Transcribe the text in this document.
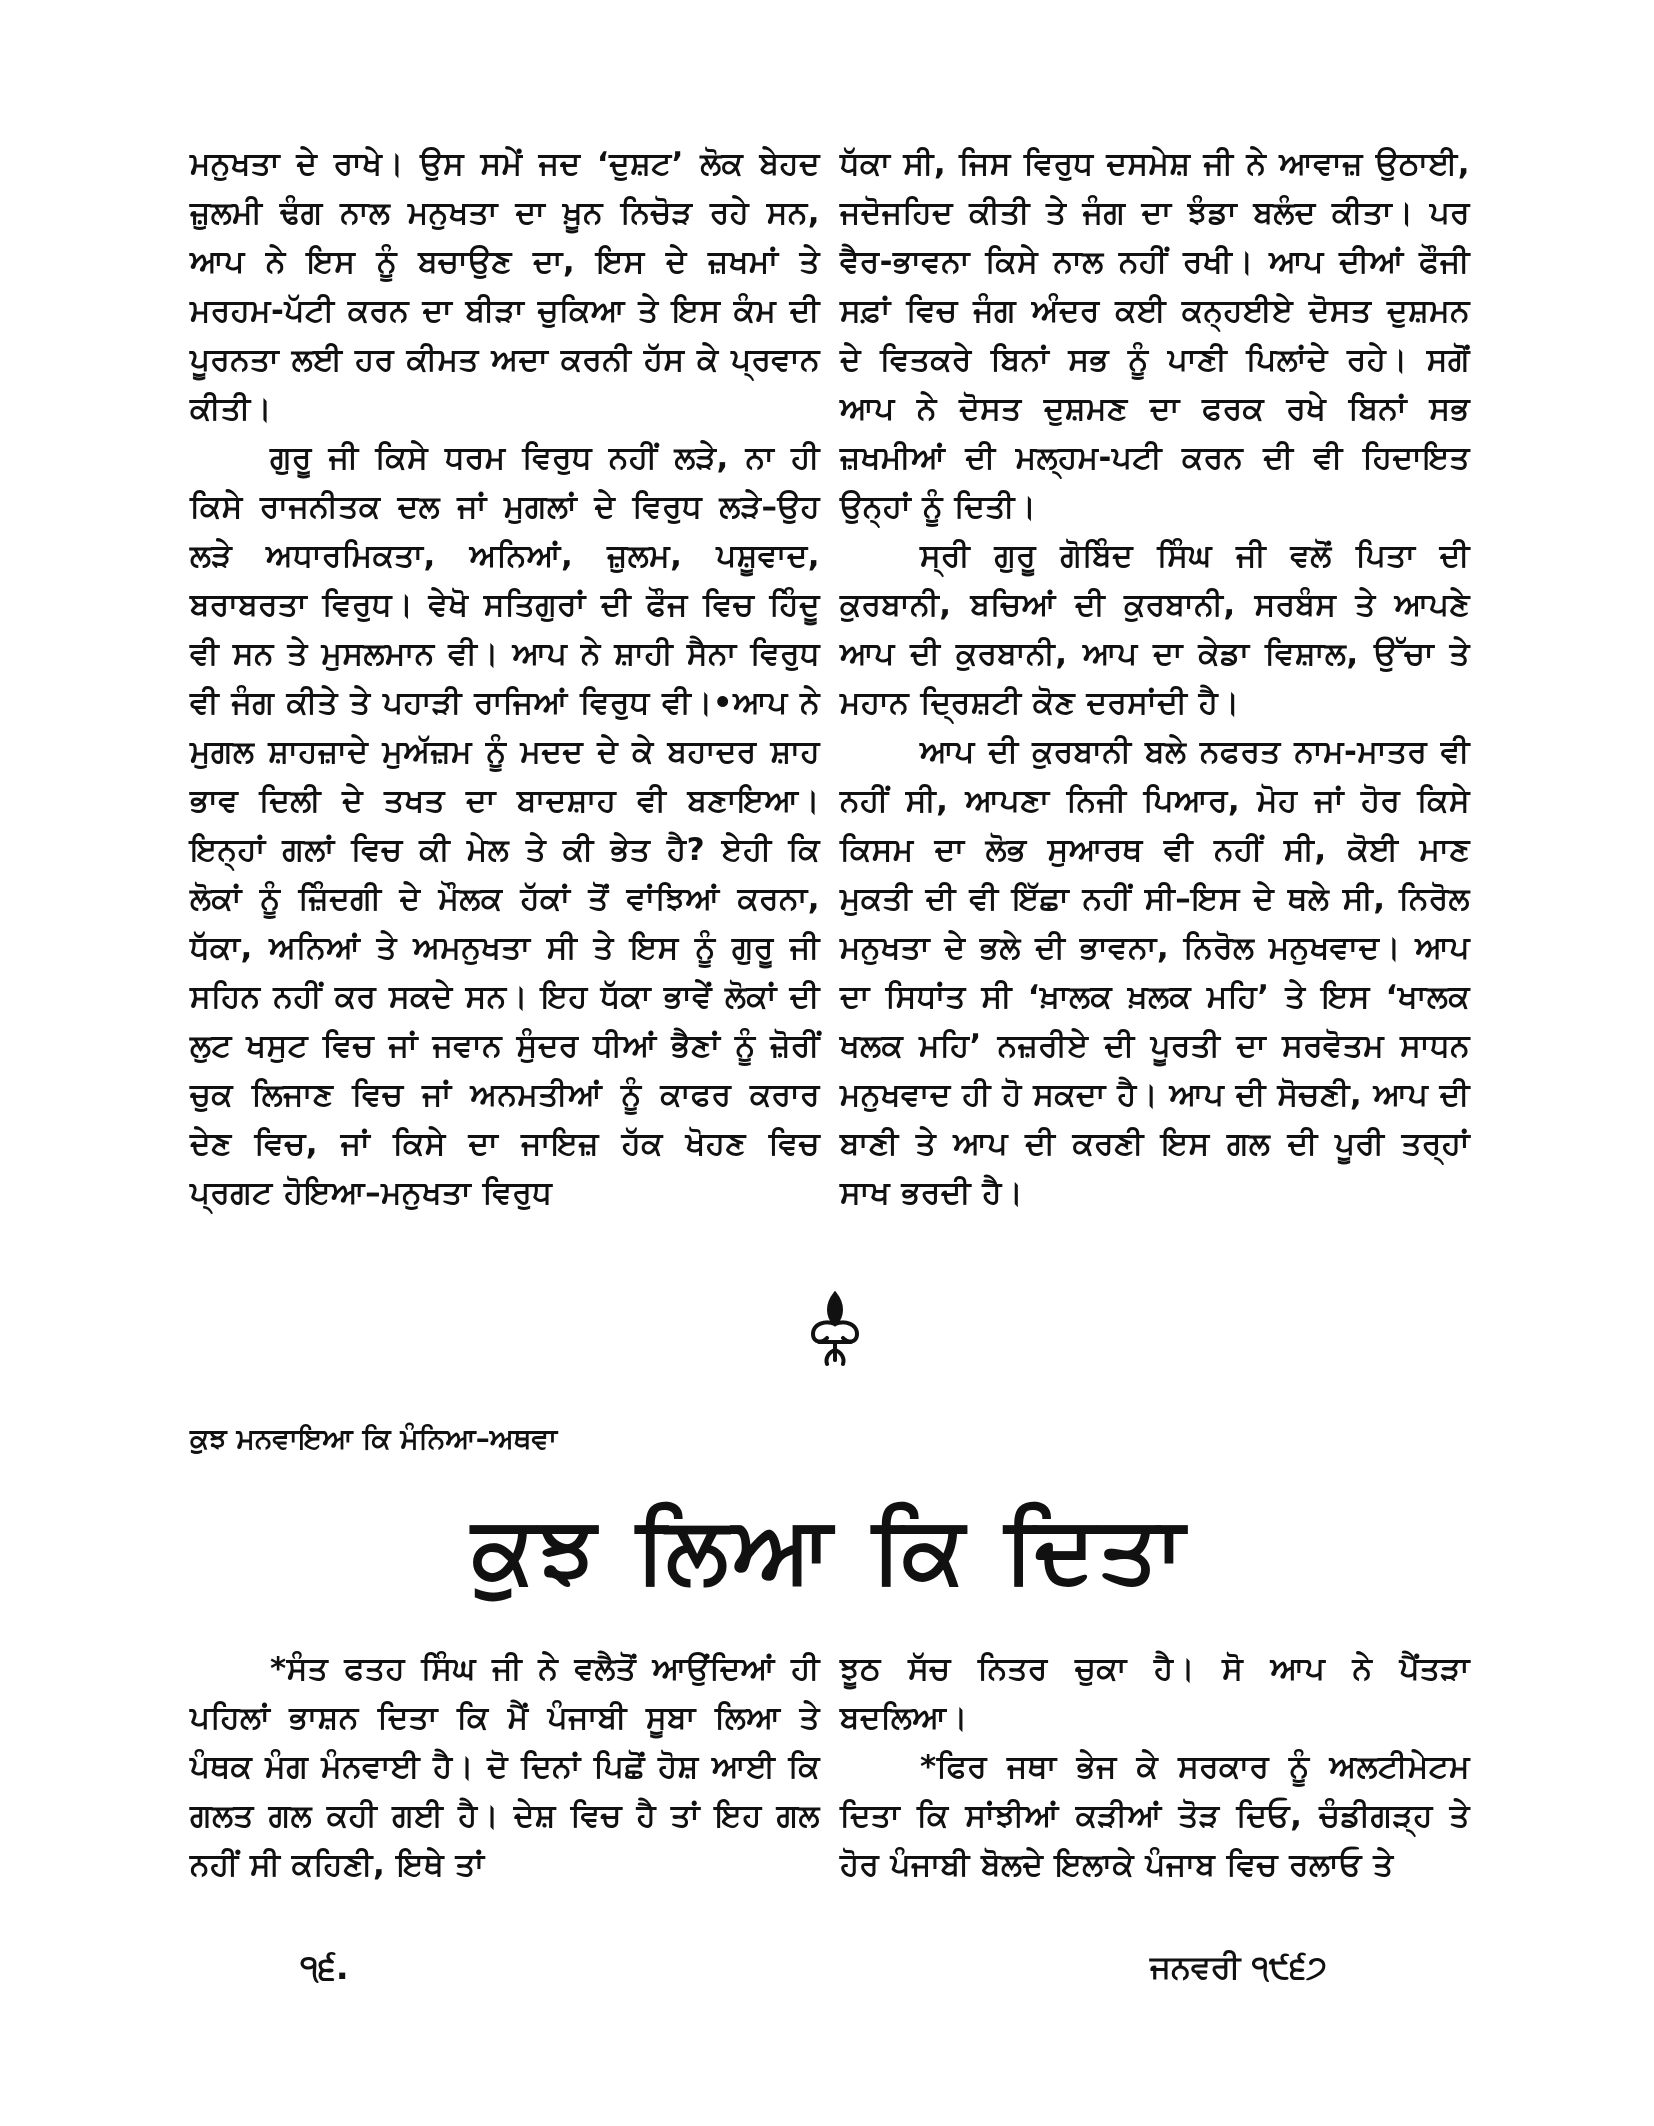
ਮਨੁਖਤਾ ਦੇ ਰਾਖੇ। ਉਸ ਸਮੇਂ ਜਦ ‘ਦੁਸ਼ਟ’ ਲੋਕ ਬੇਹਦ ਜ਼ੁਲਮੀ ਢੰਗ ਨਾਲ ਮਨੁਖਤਾ ਦਾ ਖ਼ੂਨ ਨਿਚੋੜ ਰਹੇ ਸਨ, ਆਪ ਨੇ ਇਸ ਨੂੰ ਬਚਾਉਣ ਦਾ, ਇਸ ਦੇ ਜ਼ਖਮਾਂ ਤੇ ਮਰਹਮ-ਪੱਟੀ ਕਰਨ ਦਾ ਬੀੜਾ ਚੁਕਿਆ ਤੇ ਇਸ ਕੰਮ ਦੀ ਪੂਰਨਤਾ ਲਈ ਹਰ ਕੀਮਤ ਅਦਾ ਕਰਨੀ ਹੱਸ ਕੇ ਪ੍ਰਵਾਨ ਕੀਤੀ।

ਗੁਰੂ ਜੀ ਕਿਸੇ ਧਰਮ ਵਿਰੁਧ ਨਹੀਂ ਲੜੇ, ਨਾ ਹੀ ਕਿਸੇ ਰਾਜਨੀਤਕ ਦਲ ਜਾਂ ਮੁਗਲਾਂ ਦੇ ਵਿਰੁਧ ਲੜੇ–ਉਹ ਲੜੇ ਅਧਾਰਮਿਕਤਾ, ਅਨਿਆਂ, ਜ਼ੁਲਮ, ਪਸ਼ੂਵਾਦ, ਬਰਾਬਰਤਾ ਵਿਰੁਧ। ਵੇਖੋ ਸਤਿਗੁਰਾਂ ਦੀ ਫੌਜ ਵਿਚ ਹਿੰਦੂ ਵੀ ਸਨ ਤੇ ਮੁਸਲਮਾਨ ਵੀ। ਆਪ ਨੇ ਸ਼ਾਹੀ ਸੈਨਾ ਵਿਰੁਧ ਵੀ ਜੰਗ ਕੀਤੇ ਤੇ ਪਹਾੜੀ ਰਾਜਿਆਂ ਵਿਰੁਧ ਵੀ।•ਆਪ ਨੇ ਮੁਗਲ ਸ਼ਾਹਜ਼ਾਦੇ ਮੁਅੱਜ਼ਮ ਨੂੰ ਮਦਦ ਦੇ ਕੇ ਬਹਾਦਰ ਸ਼ਾਹ ਭਾਵ ਦਿਲੀ ਦੇ ਤਖਤ ਦਾ ਬਾਦਸ਼ਾਹ ਵੀ ਬਣਾਇਆ। ਇਨ੍ਹਾਂ ਗਲਾਂ ਵਿਚ ਕੀ ਮੇਲ ਤੇ ਕੀ ਭੇਤ ਹੈ? ਏਹੀ ਕਿ ਲੋਕਾਂ ਨੂੰ ਜ਼ਿੰਦਗੀ ਦੇ ਮੌਲਕ ਹੱਕਾਂ ਤੋਂ ਵਾਂਝਿਆਂ ਕਰਨਾ, ਧੱਕਾ, ਅਨਿਆਂ ਤੇ ਅਮਨੁਖਤਾ ਸੀ ਤੇ ਇਸ ਨੂੰ ਗੁਰੂ ਜੀ ਸਹਿਨ ਨਹੀਂ ਕਰ ਸਕਦੇ ਸਨ। ਇਹ ਧੱਕਾ ਭਾਵੇਂ ਲੋਕਾਂ ਦੀ ਲੁਟ ਖਸੁਟ ਵਿਚ ਜਾਂ ਜਵਾਨ ਸੁੰਦਰ ਧੀਆਂ ਭੈਣਾਂ ਨੂੰ ਜ਼ੋਰੀਂ ਚੁਕ ਲਿਜਾਣ ਵਿਚ ਜਾਂ ਅਨਮਤੀਆਂ ਨੂੰ ਕਾਫਰ ਕਰਾਰ ਦੇਣ ਵਿਚ, ਜਾਂ ਕਿਸੇ ਦਾ ਜਾਇਜ਼ ਹੱਕ ਖੋਹਣ ਵਿਚ ਪ੍ਰਗਟ ਹੋਇਆ–ਮਨੁਖਤਾ ਵਿਰੁਧ

ਧੱਕਾ ਸੀ, ਜਿਸ ਵਿਰੁਧ ਦਸਮੇਸ਼ ਜੀ ਨੇ ਆਵਾਜ਼ ਉਠਾਈ, ਜਦੋਜਹਿਦ ਕੀਤੀ ਤੇ ਜੰਗ ਦਾ ਝੰਡਾ ਬਲੰਦ ਕੀਤਾ। ਪਰ ਵੈਰ-ਭਾਵਨਾ ਕਿਸੇ ਨਾਲ ਨਹੀਂ ਰਖੀ। ਆਪ ਦੀਆਂ ਫੌਜੀ ਸਫ਼ਾਂ ਵਿਚ ਜੰਗ ਅੰਦਰ ਕਈ ਕਨ੍ਹਈਏ ਦੋਸਤ ਦੁਸ਼ਮਨ ਦੇ ਵਿਤਕਰੇ ਬਿਨਾਂ ਸਭ ਨੂੰ ਪਾਣੀ ਪਿਲਾਂਦੇ ਰਹੇ। ਸਗੋਂ ਆਪ ਨੇ ਦੋਸਤ ਦੁਸ਼ਮਣ ਦਾ ਫਰਕ ਰਖੇ ਬਿਨਾਂ ਸਭ ਜ਼ਖਮੀਆਂ ਦੀ ਮਲ੍ਹਮ-ਪਟੀ ਕਰਨ ਦੀ ਵੀ ਹਿਦਾਇਤ ਉਨ੍ਹਾਂ ਨੂੰ ਦਿਤੀ।

ਸ੍ਰੀ ਗੁਰੂ ਗੋਬਿੰਦ ਸਿੰਘ ਜੀ ਵਲੋਂ ਪਿਤਾ ਦੀ ਕੁਰਬਾਨੀ, ਬਚਿਆਂ ਦੀ ਕੁਰਬਾਨੀ, ਸਰਬੰਸ ਤੇ ਆਪਣੇ ਆਪ ਦੀ ਕੁਰਬਾਨੀ, ਆਪ ਦਾ ਕੇਡਾ ਵਿਸ਼ਾਲ, ਉੱਚਾ ਤੇ ਮਹਾਨ ਦ੍ਰਿਸ਼ਟੀ ਕੋਣ ਦਰਸਾਂਦੀ ਹੈ।

ਆਪ ਦੀ ਕੁਰਬਾਨੀ ਬਲੇ ਨਫਰਤ ਨਾਮ-ਮਾਤਰ ਵੀ ਨਹੀਂ ਸੀ, ਆਪਣਾ ਨਿਜੀ ਪਿਆਰ, ਮੋਹ ਜਾਂ ਹੋਰ ਕਿਸੇ ਕਿਸਮ ਦਾ ਲੋਭ ਸੁਆਰਥ ਵੀ ਨਹੀਂ ਸੀ, ਕੋਈ ਮਾਣ ਮੁਕਤੀ ਦੀ ਵੀ ਇੱਛਾ ਨਹੀਂ ਸੀ–ਇਸ ਦੇ ਥਲੇ ਸੀ, ਨਿਰੋਲ ਮਨੁਖਤਾ ਦੇ ਭਲੇ ਦੀ ਭਾਵਨਾ, ਨਿਰੋਲ ਮਨੁਖਵਾਦ। ਆਪ ਦਾ ਸਿਧਾਂਤ ਸੀ ‘ਖ਼ਾਲਕ ਖ਼ਲਕ ਮਹਿ’ ਤੇ ਇਸ ‘ਖਾਲਕ ਖਲਕ ਮਹਿ’ ਨਜ਼ਰੀਏ ਦੀ ਪੂਰਤੀ ਦਾ ਸਰਵੋਤਮ ਸਾਧਨ ਮਨੁਖਵਾਦ ਹੀ ਹੋ ਸਕਦਾ ਹੈ। ਆਪ ਦੀ ਸੋਚਣੀ, ਆਪ ਦੀ ਬਾਣੀ ਤੇ ਆਪ ਦੀ ਕਰਣੀ ਇਸ ਗਲ ਦੀ ਪੂਰੀ ਤਰ੍ਹਾਂ ਸਾਖ ਭਰਦੀ ਹੈ।

ਕੁਝ ਮਨਵਾਇਆ ਕਿ ਮੰਨਿਆ–ਅਥਵਾ
ਕੁਝ ਲਿਆ ਕਿ ਦਿਤਾ

*ਸੰਤ ਫਤਹ ਸਿੰਘ ਜੀ ਨੇ ਵਲੈਤੋਂ ਆਉਂਦਿਆਂ ਹੀ ਪਹਿਲਾਂ ਭਾਸ਼ਨ ਦਿਤਾ ਕਿ ਮੈਂ ਪੰਜਾਬੀ ਸੂਬਾ ਲਿਆ ਤੇ ਪੰਥਕ ਮੰਗ ਮੰਨਵਾਈ ਹੈ। ਦੋ ਦਿਨਾਂ ਪਿਛੋਂ ਹੋਸ਼ ਆਈ ਕਿ ਗਲਤ ਗਲ ਕਹੀ ਗਈ ਹੈ। ਦੇਸ਼ ਵਿਚ ਹੈ ਤਾਂ ਇਹ ਗਲ ਨਹੀਂ ਸੀ ਕਹਿਣੀ, ਇਥੇ ਤਾਂ

ਝੂਠ ਸੱਚ ਨਿਤਰ ਚੁਕਾ ਹੈ। ਸੋ ਆਪ ਨੇ ਪੈਂਤੜਾ ਬਦਲਿਆ।

*ਫਿਰ ਜਥਾ ਭੇਜ ਕੇ ਸਰਕਾਰ ਨੂੰ ਅਲਟੀਮੇਟਮ ਦਿਤਾ ਕਿ ਸਾਂਝੀਆਂ ਕੜੀਆਂ ਤੋੜ ਦਿਓ, ਚੰਡੀਗੜ੍ਹ ਤੇ ਹੋਰ ਪੰਜਾਬੀ ਬੋਲਦੇ ਇਲਾਕੇ ਪੰਜਾਬ ਵਿਚ ਰਲਾਓ ਤੇ

੧੬.	ਜਨਵਰੀ ੧੯੬੭
